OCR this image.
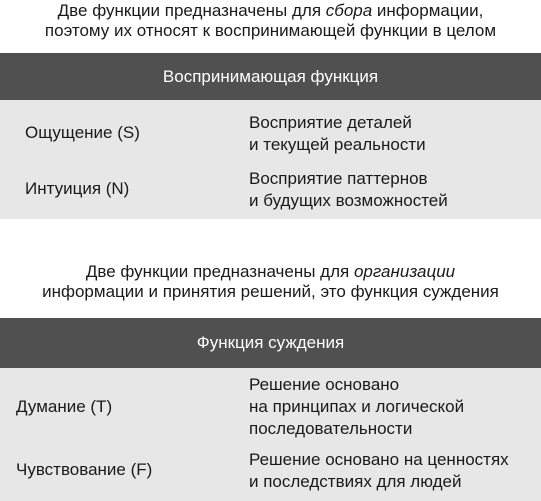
Две функции предназначены для сбора информации,
поэтому их относят к воспринимающей функции в целом
Воспринимающая функция
Ощущение (S)
Восприятие деталей
и текущей реальности
Интуиция (N)
Восприятие паттернов
и будущих возможностей
Две функции предназначены для организации
информации и принятия решений, это функция суждения
Функция суждения
Думание (T)
Решение основано
на принципах и логической
последовательности
Чувствование (F)
Решение основано на ценностях
и последствиях для людей
